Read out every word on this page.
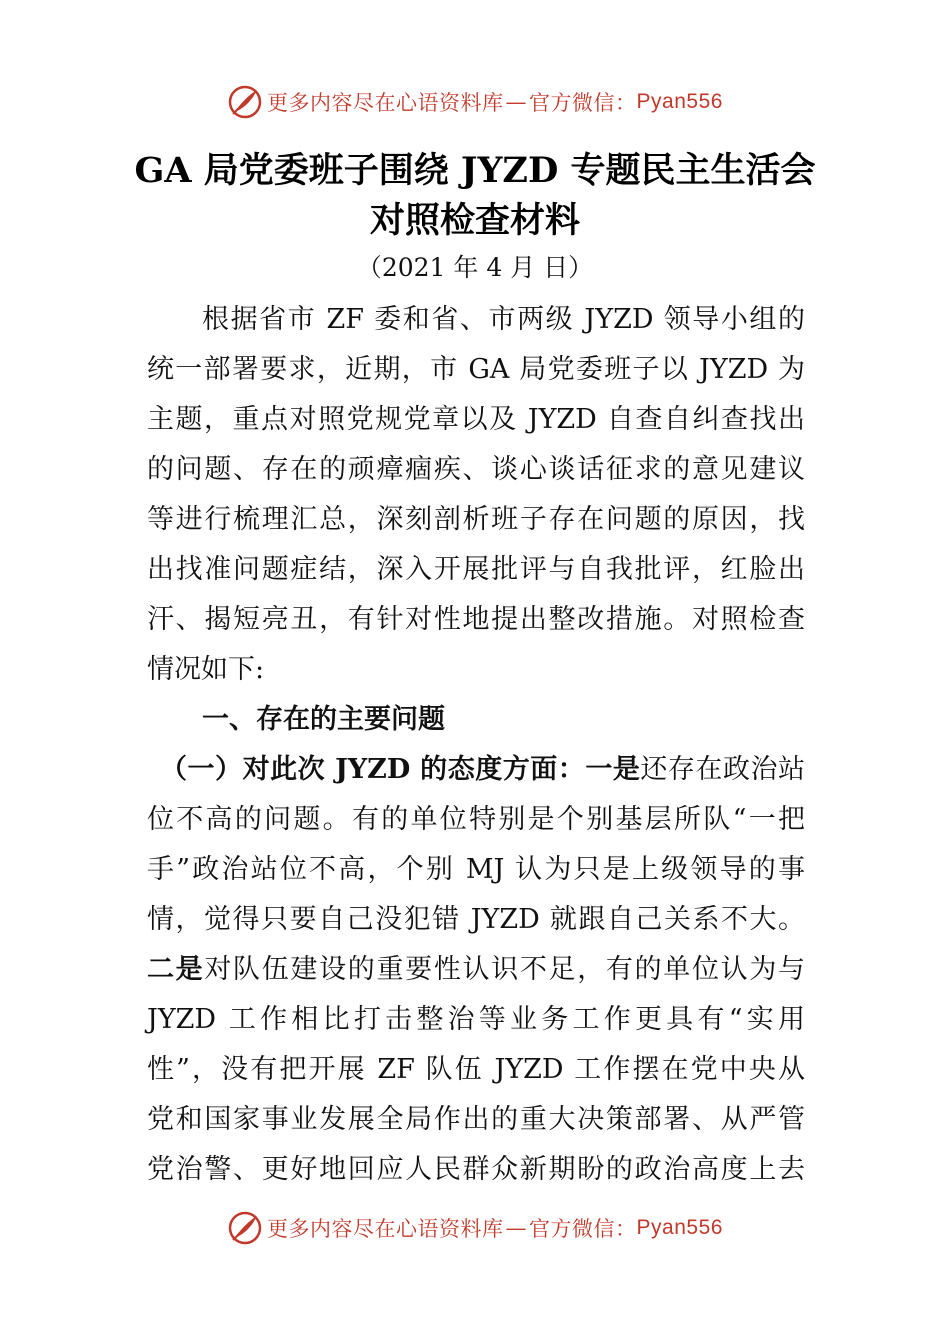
更多内容尽在心语资料库 — 官方微信： Pyan556
GA 局党委班子围绕 JYZD 专题民主生活会
对照检查材料
（2021 年 4 月 日）
根据省市 ZF 委和省、市两级 JYZD 领导小组的
统一部署要求，近期，市 GA 局党委班子以 JYZD 为
主题，重点对照党规党章以及 JYZD 自查自纠查找出
的问题、存在的顽瘴痼疾、谈心谈话征求的意见建议
等进行梳理汇总，深刻剖析班子存在问题的原因，找
出找准问题症结，深入开展批评与自我批评，红脸出
汗、揭短亮丑，有针对性地提出整改措施。对照检查
情况如下:
一、存在的主要问题
（一）对此次 JYZD 的态度方面：一是还存在政治站
位不高的问题。有的单位特别是个别基层所队“一把
手”政治站位不高，个别 MJ 认为只是上级领导的事
情，觉得只要自己没犯错 JYZD 就跟自己关系不大。
二是对队伍建设的重要性认识不足，有的单位认为与
JYZD 工作相比打击整治等业务工作更具有“实用
性”，没有把开展 ZF 队伍 JYZD 工作摆在党中央从
党和国家事业发展全局作出的重大决策部署、从严管
党治警、更好地回应人民群众新期盼的政治高度上去
更多内容尽在心语资料库 — 官方微信： Pyan556
